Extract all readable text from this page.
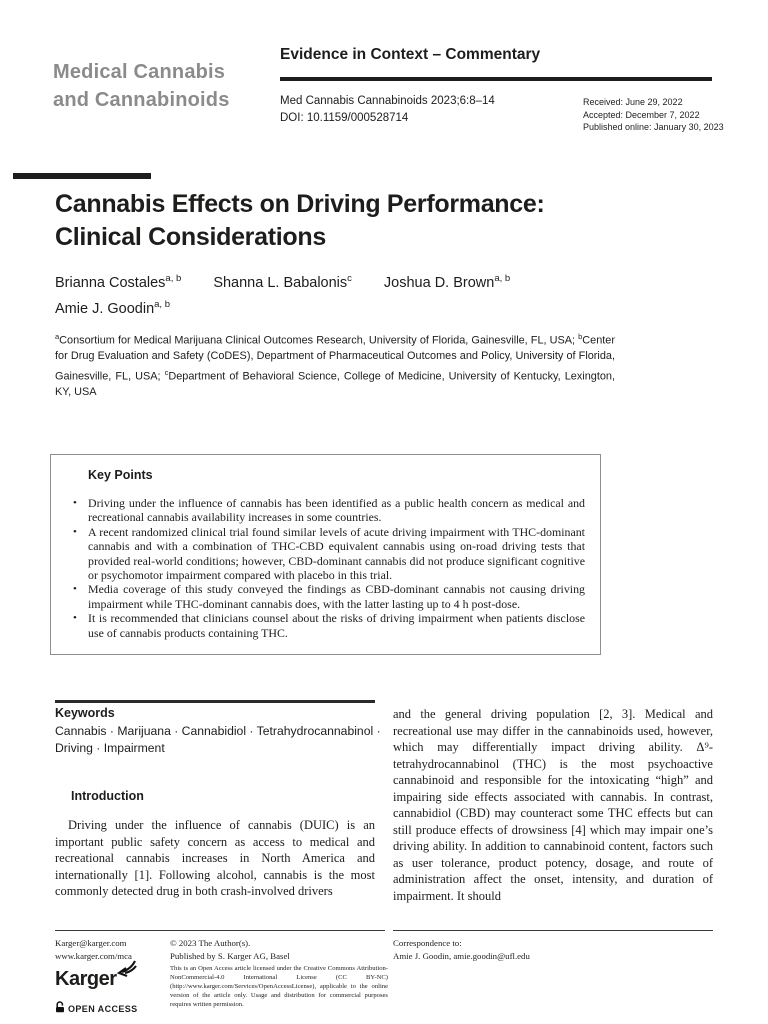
Medical Cannabis
and Cannabinoids
Evidence in Context – Commentary
Med Cannabis Cannabinoids 2023;6:8–14
DOI: 10.1159/000528714
Received: June 29, 2022
Accepted: December 7, 2022
Published online: January 30, 2023
Cannabis Effects on Driving Performance: Clinical Considerations
Brianna Costales$^{a, b}$ Shanna L. Babalonis$^c$ Joshua D. Brown$^{a, b}$
Amie J. Goodin$^{a, b}$

$^a$Consortium for Medical Marijuana Clinical Outcomes Research, University of Florida, Gainesville, FL, USA; $^b$Center for Drug Evaluation and Safety (CoDES), Department of Pharmaceutical Outcomes and Policy, University of Florida, Gainesville, FL, USA; $^c$Department of Behavioral Science, College of Medicine, University of Kentucky, Lexington, KY, USA

Key Points
• Driving under the influence of cannabis has been identified as a public health concern as medical and recreational cannabis availability increases in some countries.
• A recent randomized clinical trial found similar levels of acute driving impairment with THC-dominant cannabis and with a combination of THC-CBD equivalent cannabis using on-road driving tests that provided real-world conditions; however, CBD-dominant cannabis did not produce significant cognitive or psychomotor impairment compared with placebo in this trial.
• Media coverage of this study conveyed the findings as CBD-dominant cannabis not causing driving impairment while THC-dominant cannabis does, with the latter lasting up to 4 h post-dose.
• It is recommended that clinicians counsel about the risks of driving impairment when patients disclose use of cannabis products containing THC.
Keywords
Cannabis · Marijuana · Cannabidiol · Tetrahydrocannabinol · Driving · Impairment
Introduction

Driving under the influence of cannabis (DUIC) is an important public safety concern as access to medical and recreational cannabis increases in North America and internationally [1]. Following alcohol, cannabis is the most commonly detected drug in both crash-involved drivers

and the general driving population [2, 3]. Medical and recreational use may differ in the cannabinoids used, however, which may differentially impact driving ability. Δ⁹-tetrahydrocannabinol (THC) is the most psychoactive cannabinoid and responsible for the intoxicating “high” and impairing side effects associated with cannabis. In contrast, cannabidiol (CBD) may counteract some THC effects but can still produce effects of drowsiness [4] which may impair one’s driving ability. In addition to cannabinoid content, factors such as user tolerance, product potency, dosage, and route of administration affect the onset, intensity, and duration of impairment. It should

Karger@karger.com
www.karger.com/mca
Karger
OPEN ACCESS
© 2023 The Author(s).
Published by S. Karger AG, Basel

This is an Open Access article licensed under the Creative Commons Attribution-NonCommercial-4.0 International License (CC BY-NC) (http://www.karger.com/Services/OpenAccessLicense), applicable to the online version of the article only. Usage and distribution for commercial purposes requires written permission.

Correspondence to:
Amie J. Goodin, amie.goodin@ufl.edu
